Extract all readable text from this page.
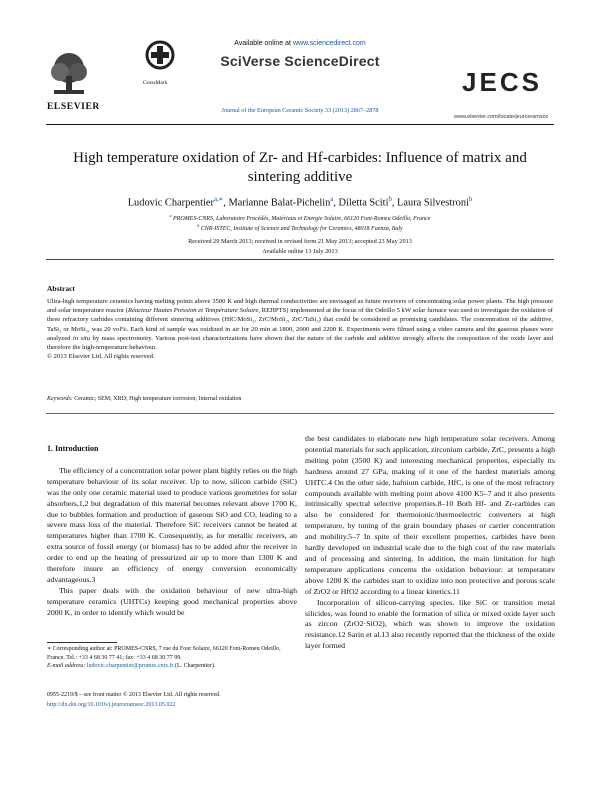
ELSEVIER
CrossMark
Available online at www.sciencedirect.com
SciVerse ScienceDirect
Journal of the European Ceramic Society 33 (2013) 2867–2878
JECS
www.elsevier.com/locate/jeurceramsoc
High temperature oxidation of Zr- and Hf-carbides: Influence of matrix and
sintering additive
Ludovic Charpentier$^{a,∗}$, Marianne Balat-Pichelin$^a$, Diletta Sciti$^b$, Laura Silvestroni$^b$
$^a$ PROMES-CNRS, Laboratoire Procédés, Matériaux et Energie Solaire, 66120 Font-Romeu Odeillo, France
$^b$ CNR-ISTEC, Institute of Science and Technology for Ceramics, 48018 Faenza, Italy
Received 29 March 2013; received in revised form 21 May 2013; accepted 23 May 2013
Available online 13 July 2013
Abstract
Ultra-high temperature ceramics having melting points above 3500 K and high thermal conductivities are envisaged as future receivers of concentrating solar power plants. The high pressure and solar temperature reactor (Réacteur Hautes Pression et Température Solaire, REHPTS) implemented at the focus of the Odeillo 5 kW solar furnace was used to investigate the oxidation of three refractory carbides containing different sintering additives (HfC/MoSi₂, ZrC/MoSi₂, ZrC/TaSi₂) that could be considered as promising candidates. The concentration of the additive, TaSi₂ or MoSi₂, was 20 vol%. Each kind of sample was oxidized in air for 20 min at 1800, 2000 and 2200 K. Experiments were filmed using a video camera and the gaseous phases were analyzed in situ by mass spectrometry. Various post-test characterizations have shown that the nature of the carbide and additive strongly affects the composition of the oxide layer and therefore the high-temperature behaviour.
© 2013 Elsevier Ltd. All rights reserved.
Keywords: Ceramic; SEM; XRD; High temperature corrosion; Internal oxidation
1. Introduction

The efficiency of a concentration solar power plant highly relies on the high temperature behaviour of its solar receiver. Up to now, silicon carbide (SiC) was the only one ceramic material used to produce various geometries for solar absorbers,1,2 but degradation of this material becomes relevant above 1700 K, due to bubbles formation and production of gaseous SiO and CO, leading to a severe mass loss of the material. Therefore SiC receivers cannot be heated at temperatures higher than 1700 K. Consequently, as for metallic receivers, an extra source of fossil energy (or biomass) has to be added after the receiver in order to end up the heating of pressurized air up to more than 1300 K and therefore insure an efficiency of energy conversion economically advantageous.3

This paper deals with the oxidation behaviour of new ultra-high temperature ceramics (UHTCs) keeping good mechanical properties above 2000 K, in order to identify which would be

the best candidates to elaborate new high temperature solar receivers. Among potential materials for such application, zirconium carbide, ZrC, presents a high melting point (3500 K) and interesting mechanical properties, especially its hardness around 27 GPa, making of it one of the hardest materials among UHTC.4 On the other side, hafnium carbide, HfC, is one of the most refractory compounds available with melting point above 4100 K5–7 and it also presents intrinsically spectral selective properties.8–10 Both Hf- and Zr-carbides can also be considered for thermoionic/thermoelectric converters at high temperature, by tuning of the grain boundary phases or carrier concentration and mobility.5–7 In spite of their excellent properties, carbides have been hardly developed on industrial scale due to the high cost of the raw materials and of processing and sintering. In addition, the main limitation for high temperature applications concerns the oxidation behaviour: at temperature above 1200 K the carbides start to oxidize into non protective and porous scale of ZrO2 or HfO2 according to a linear kinetics.11

Incorporation of silicon-carrying species, like SiC or transition metal silicides, was found to enable the formation of silica or mixed oxide layer such as zircon (ZrO2·SiO2), which was shown to improve the oxidation resistance.12 Sarin et al.13 also recently reported that the thickness of the oxide layer formed

∗ Corresponding author at: PROMES-CNRS, 7 rue du Four Solaire, 66120 Font-Romeu Odeillo, France. Tel.: +33 4 68 30 77 41; fax: +33 4 68 30 77 99.
E-mail address: ludovic.charpentier@promes.cnrs.fr (L. Charpentier).
0955-2219/$ – see front matter © 2013 Elsevier Ltd. All rights reserved.
http://dx.doi.org/10.1016/j.jeurceramsoc.2013.05.022
